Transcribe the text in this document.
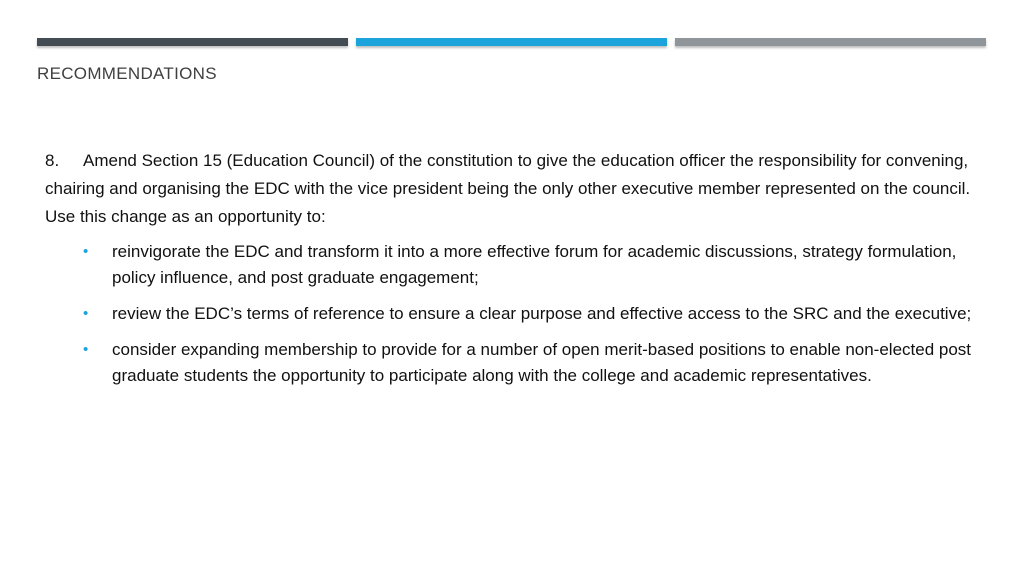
RECOMMENDATIONS

8. Amend Section 15 (Education Council) of the constitution to give the education officer the responsibility for convening, chairing and organising the EDC with the vice president being the only other executive member represented on the council. Use this change as an opportunity to:

• reinvigorate the EDC and transform it into a more effective forum for academic discussions, strategy formulation, policy influence, and post graduate engagement;
• review the EDC’s terms of reference to ensure a clear purpose and effective access to the SRC and the executive;
• consider expanding membership to provide for a number of open merit-based positions to enable non-elected post graduate students the opportunity to participate along with the college and academic representatives.
